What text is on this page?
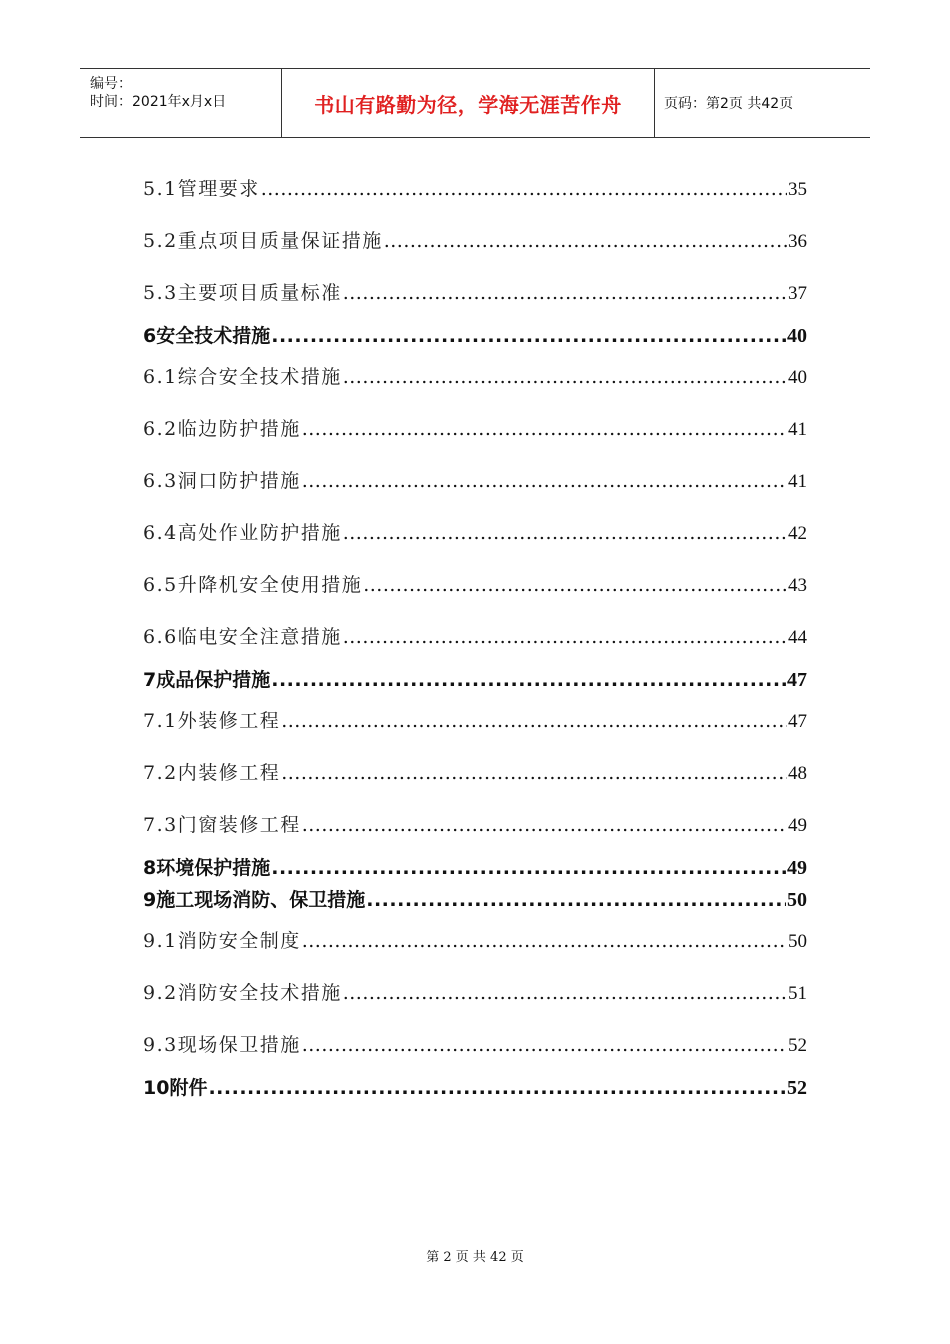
编号：
时间：2021年x月x日	书山有路勤为径，学海无涯苦作舟	页码：第2页 共42页
5.1管理要求 .....	35
5.2重点项目质量保证措施 .....	36
5.3主要项目质量标准 .....	37
6安全技术措施 .....	40
6.1综合安全技术措施 .....	40
6.2临边防护措施 .....	41
6.3洞口防护措施 .....	41
6.4高处作业防护措施 .....	42
6.5升降机安全使用措施 .....	43
6.6临电安全注意措施 .....	44
7成品保护措施 .....	47
7.1外装修工程 .....	47
7.2内装修工程 .....	48
7.3门窗装修工程 .....	49
8环境保护措施 .....	49
9施工现场消防、保卫措施 .....	50
9.1消防安全制度 .....	50
9.2消防安全技术措施 .....	51
9.3现场保卫措施 .....	52
10附件 .....	52
第 2 页 共 42 页
